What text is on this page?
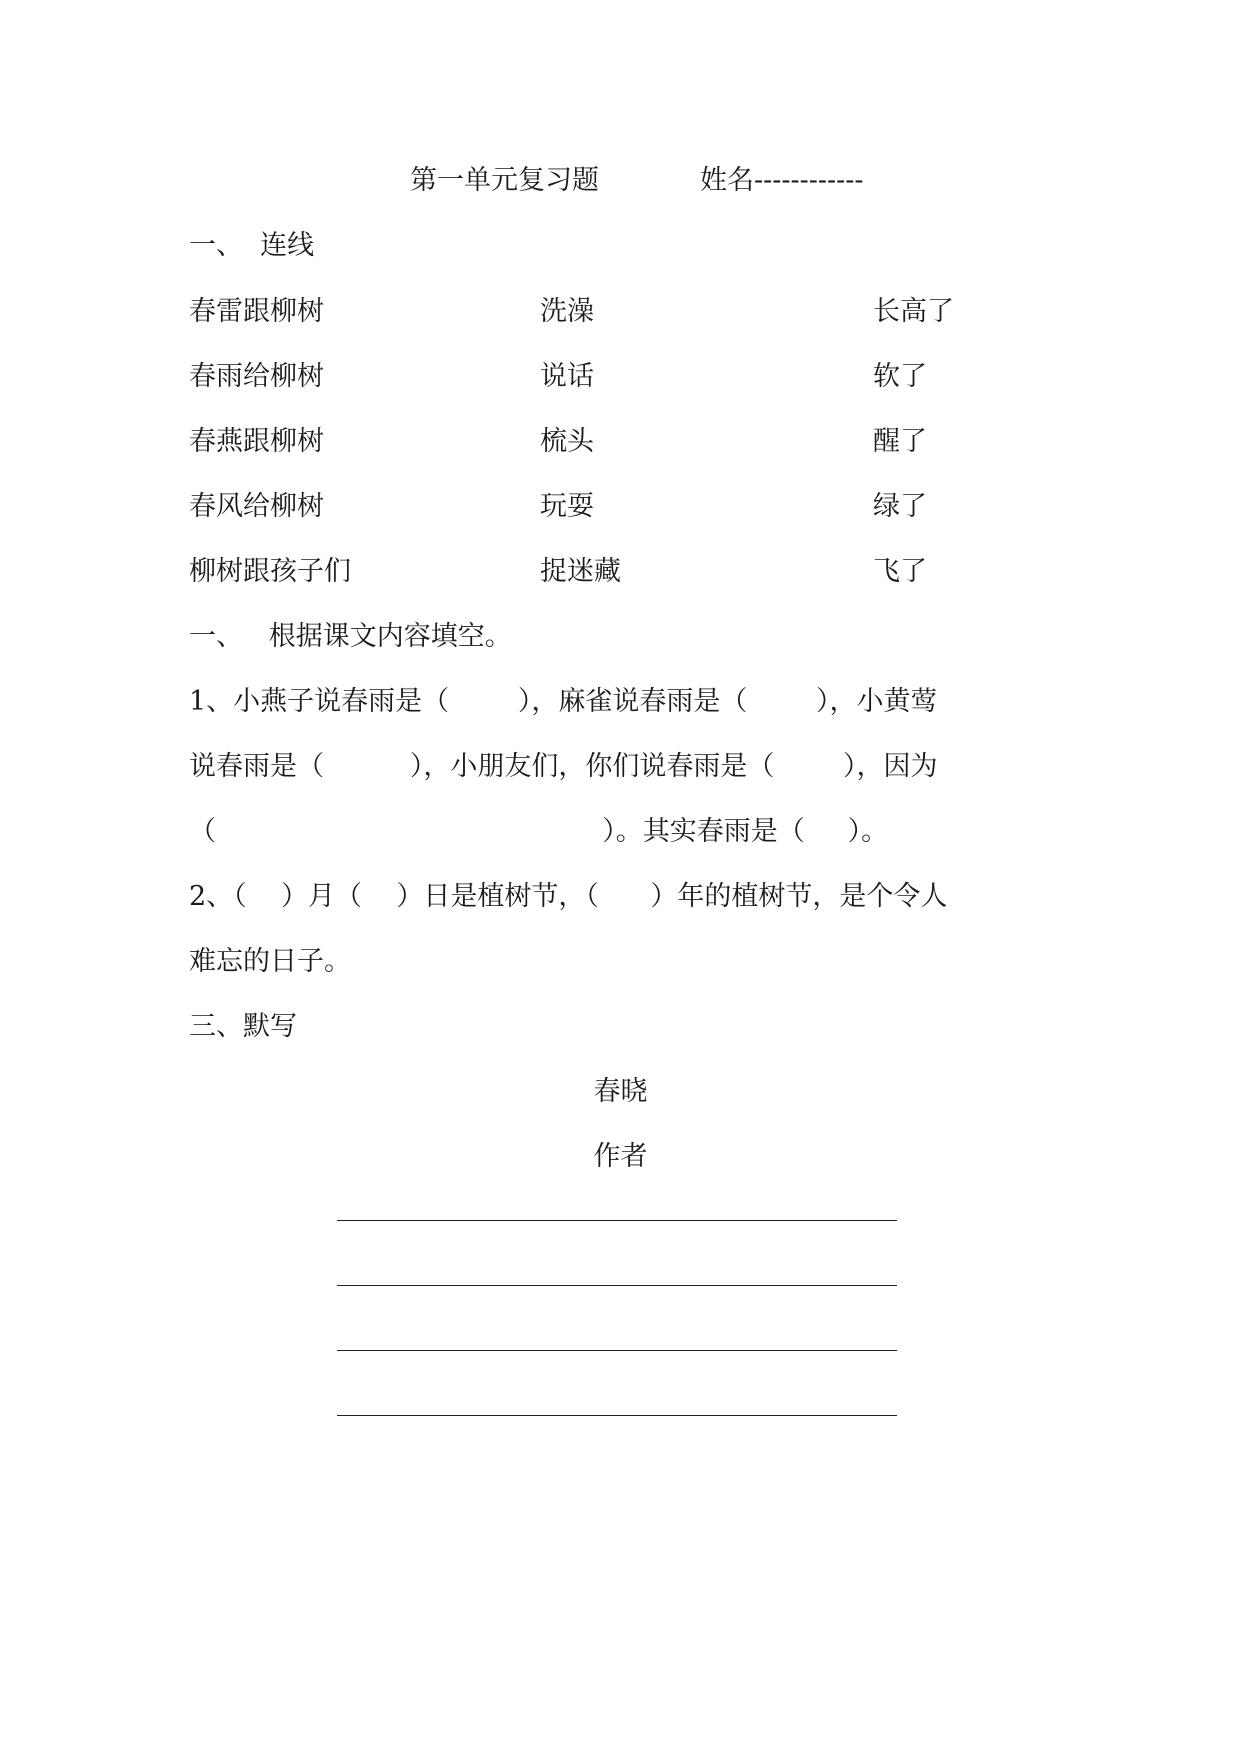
第一单元复习题	姓名------------
一、  连线
春雷跟柳树	洗澡	长高了
春雨给柳树	说话	软了
春燕跟柳树	梳头	醒了
春风给柳树	玩耍	绿了
柳树跟孩子们	捉迷藏	飞了
一、   根据课文内容填空。
1、小燕子说春雨是（        ），麻雀说春雨是（        ），小黄莺
说春雨是（          ），小朋友们，你们说春雨是（        ），因为
（                                             ）。其实春雨是（     ）。
2、（    ）月（    ）日是植树节，（      ）年的植树节，是个令人
难忘的日子。
三、默写
春晓
作者
